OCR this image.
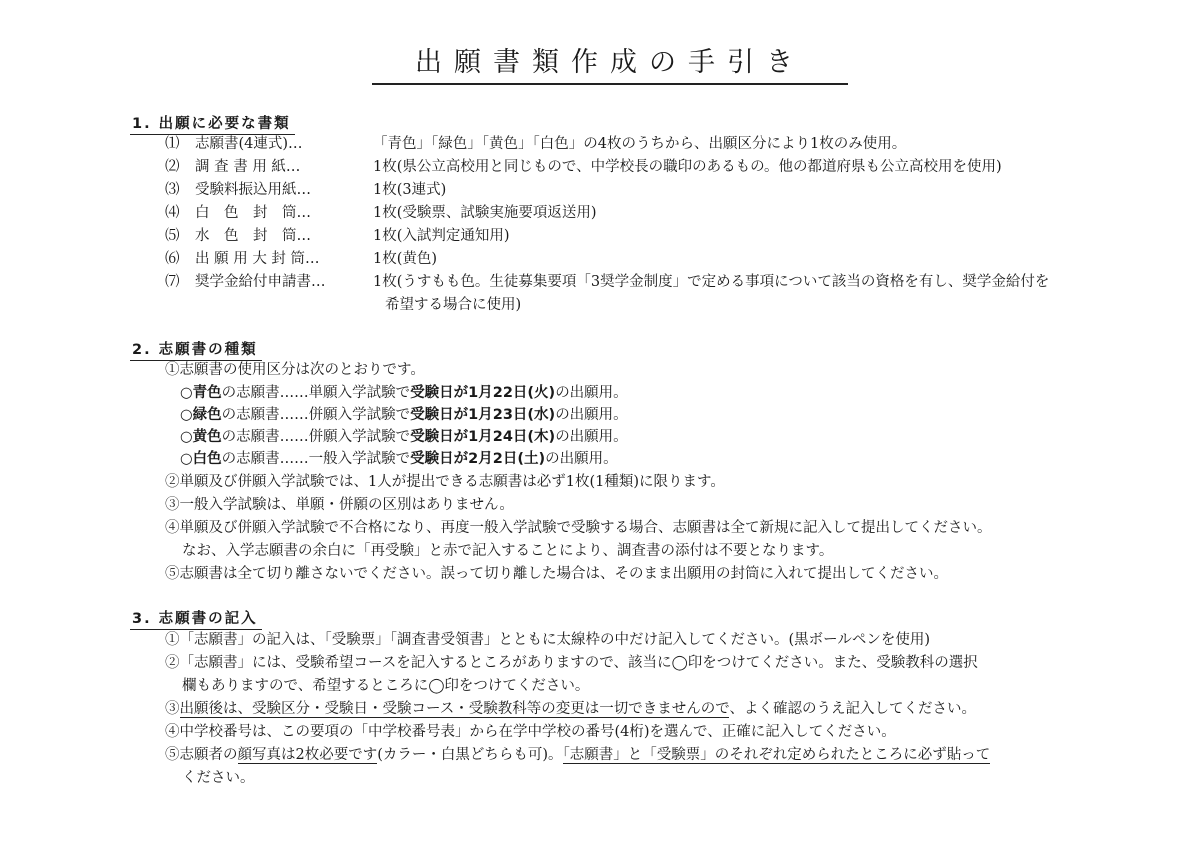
出願書類作成の手引き
1. 出願に必要な書類
⑴ 志願書(4連式)…	「青色」「緑色」「黄色」「白色」の4枚のうちから、出願区分により1枚のみ使用。
⑵ 調 査 書 用 紙…	1枚(県公立高校用と同じもので、中学校長の職印のあるもの。他の都道府県も公立高校用を使用)
⑶ 受験料振込用紙…	1枚(3連式)
⑷ 白　色　封　筒…	1枚(受験票、試験実施要項返送用)
⑸ 水　色　封　筒…	1枚(入試判定通知用)
⑹ 出 願 用 大 封 筒…	1枚(黄色)
⑺ 奨学金給付申請書…	1枚(うすもも色。生徒募集要項「3奨学金制度」で定める事項について該当の資格を有し、奨学金給付を
希望する場合に使用)
2. 志願書の種類
①志願書の使用区分は次のとおりです。
○青色の志願書……単願入学試験で受験日が1月22日(火)の出願用。
○緑色の志願書……併願入学試験で受験日が1月23日(水)の出願用。
○黄色の志願書……併願入学試験で受験日が1月24日(木)の出願用。
○白色の志願書……一般入学試験で受験日が2月2日(土)の出願用。
②単願及び併願入学試験では、1人が提出できる志願書は必ず1枚(1種類)に限ります。
③一般入学試験は、単願・併願の区別はありません。
④単願及び併願入学試験で不合格になり、再度一般入学試験で受験する場合、志願書は全て新規に記入して提出してください。
なお、入学志願書の余白に「再受験」と赤で記入することにより、調査書の添付は不要となります。
⑤志願書は全て切り離さないでください。誤って切り離した場合は、そのまま出願用の封筒に入れて提出してください。
3. 志願書の記入
①「志願書」の記入は、「受験票」「調査書受領書」とともに太線枠の中だけ記入してください。(黒ボールペンを使用)
②「志願書」には、受験希望コースを記入するところがありますので、該当に◯印をつけてください。また、受験教科の選択
欄もありますので、希望するところに◯印をつけてください。
③出願後は、受験区分・受験日・受験コース・受験教科等の変更は一切できませんので、よく確認のうえ記入してください。
④中学校番号は、この要項の「中学校番号表」から在学中学校の番号(4桁)を選んで、正確に記入してください。
⑤志願者の顔写真は2枚必要です(カラー・白黒どちらも可)。「志願書」と「受験票」のそれぞれ定められたところに必ず貼って
ください。
